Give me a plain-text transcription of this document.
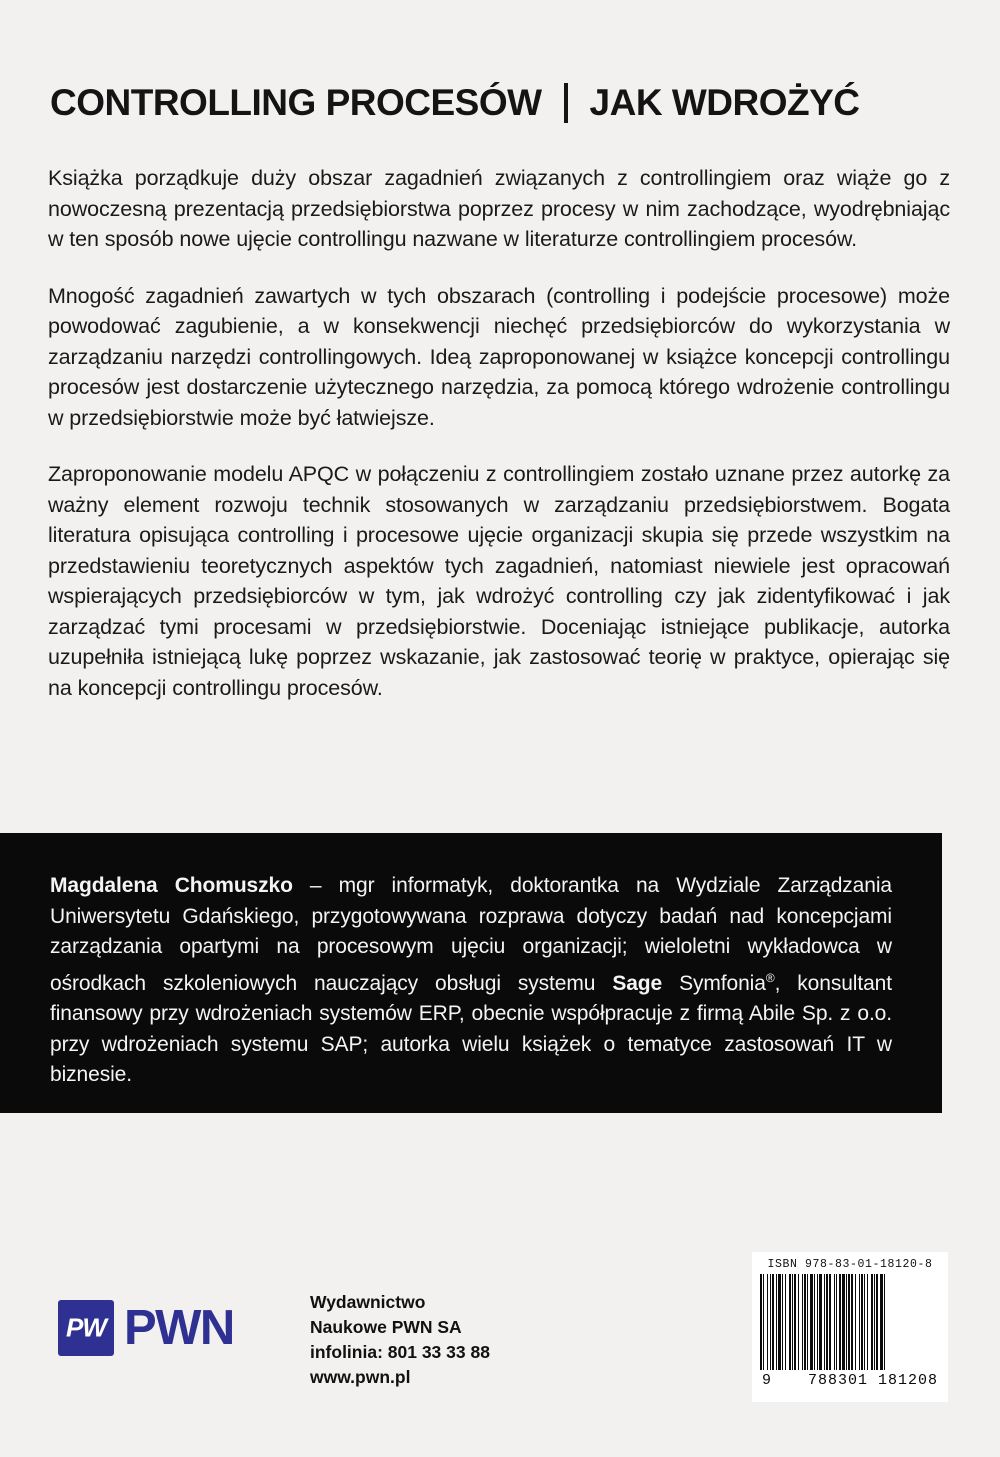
CONTROLLING PROCESÓW JAK WDROŻYĆ

Książka porządkuje duży obszar zagadnień związanych z controllingiem oraz wiąże go z nowoczesną prezentacją przedsiębiorstwa poprzez procesy w nim zachodzące, wyodrębniając w ten sposób nowe ujęcie controllingu nazwane w literaturze controllingiem procesów.

Mnogość zagadnień zawartych w tych obszarach (controlling i podejście procesowe) może powodować zagubienie, a w konsekwencji niechęć przedsiębiorców do wykorzystania w zarządzaniu narzędzi controllingowych. Ideą zaproponowanej w książce koncepcji controllingu procesów jest dostarczenie użytecznego narzędzia, za pomocą którego wdrożenie controllingu w przedsiębiorstwie może być łatwiejsze.

Zaproponowanie modelu APQC w połączeniu z controllingiem zostało uznane przez autorkę za ważny element rozwoju technik stosowanych w zarządzaniu przedsiębiorstwem. Bogata literatura opisująca controlling i procesowe ujęcie organizacji skupia się przede wszystkim na przedstawieniu teoretycznych aspektów tych zagadnień, natomiast niewiele jest opracowań wspierających przedsiębiorców w tym, jak wdrożyć controlling czy jak zidentyfikować i jak zarządzać tymi procesami w przedsiębiorstwie. Doceniając istniejące publikacje, autorka uzupełniła istniejącą lukę poprzez wskazanie, jak zastosować teorię w praktyce, opierając się na koncepcji controllingu procesów.

Magdalena Chomuszko – mgr informatyk, doktorantka na Wydziale Zarządzania Uniwersytetu Gdańskiego, przygotowywana rozprawa dotyczy badań nad koncepcjami zarządzania opartymi na procesowym ujęciu organizacji; wieloletni wykładowca w ośrodkach szkoleniowych nauczający obsługi systemu Sage Symfonia®, konsultant finansowy przy wdrożeniach systemów ERP, obecnie współpracuje z firmą Abile Sp. z o.o. przy wdrożeniach systemu SAP; autorka wielu książek o tematyce zastosowań IT w biznesie.

PW PWN	Wydawnictwo
Naukowe PWN SA
infolinia: 801 33 33 88
www.pwn.pl
ISBN 978-83-01-18120-8
9 788301 181208
